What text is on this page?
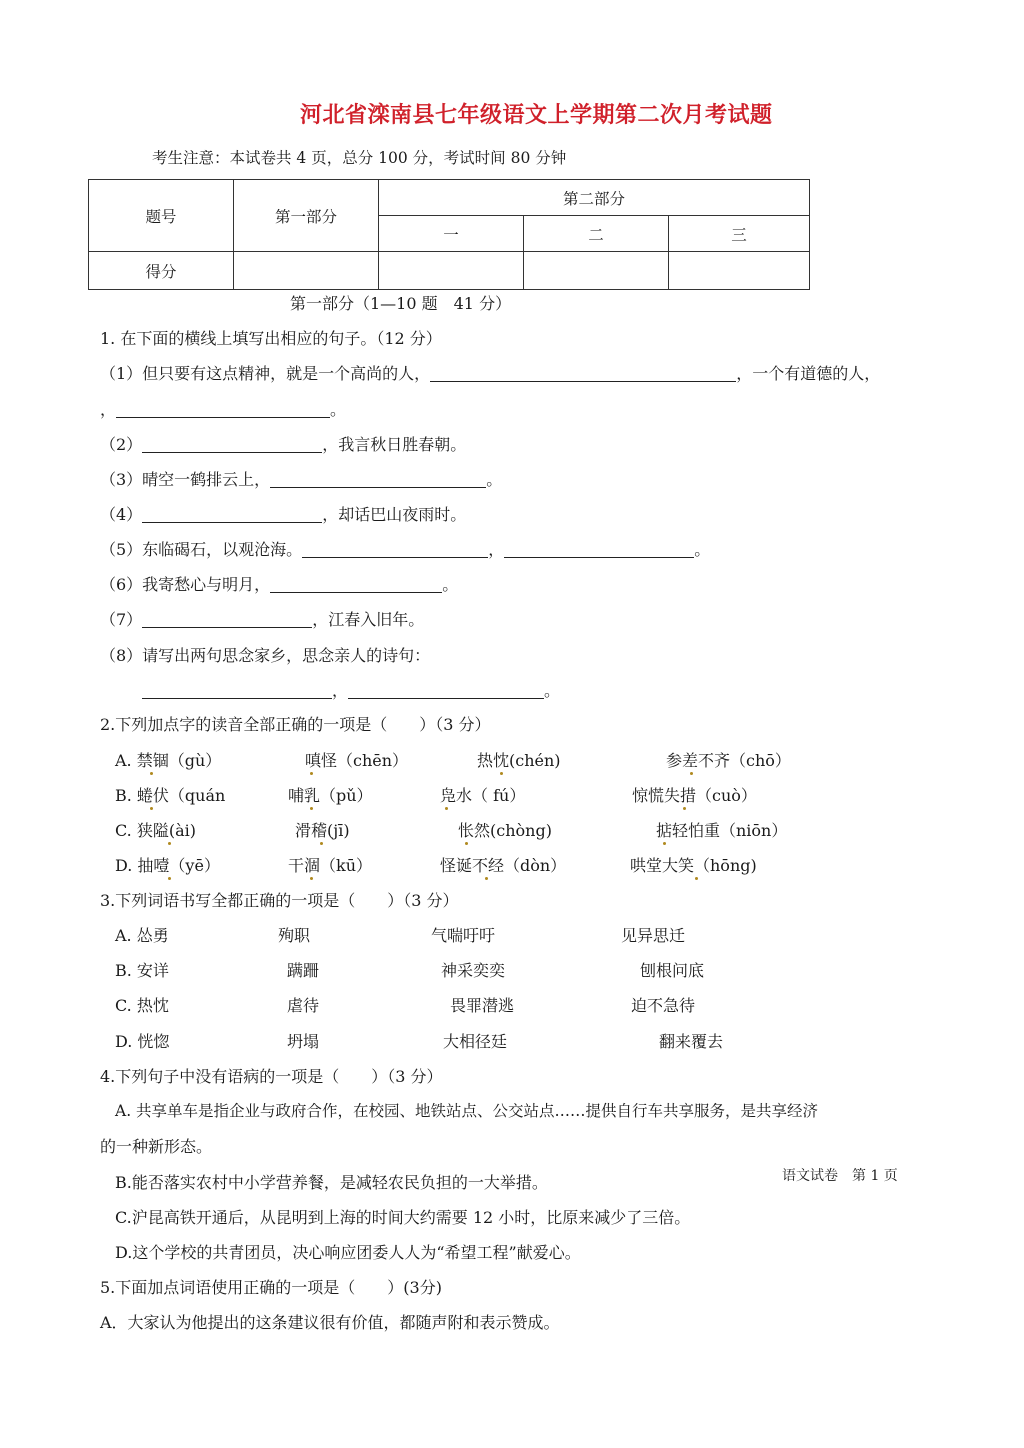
河北省滦南县七年级语文上学期第二次月考试题
考生注意：本试卷共 4 页，总分 100 分，考试时间 80 分钟
题号	第一部分	第二部分		
		一	二	三
得分				
第一部分（1—10 题　41 分）
1. 在下面的横线上填写出相应的句子。（12 分）
（1）但只要有这点精神，就是一个高尚的人，	，一个有道德的人，
，	。
（2）	，我言秋日胜春朝。
（3）晴空一鹤排云上，	。
（4）	，却话巴山夜雨时。
（5）东临碣石，以观沧海。	，	。
（6）我寄愁心与明月，	。
（7）	，江春入旧年。
（8）请写出两句思念家乡，思念亲人的诗句：
，	。
2.下列加点字的读音全部正确的一项是（　　）（3 分）
A. 禁锢（gù）	嗔怪（chēn）	热忱(chén)	参差不齐（chō）
B. 蜷伏（quán	哺乳（pǔ）	凫水（ fú）	惊慌失措（cuò）
C. 狭隘(ài)	滑稽(jī)	怅然(chòng)	掂轻怕重（niōn）
D. 抽噎（yē）	干涸（kū）	怪诞不经（dòn）	哄堂大笑（hōng)
3.下列词语书写全都正确的一项是（　　）（3 分）
A. 怂勇	殉职	气喘吁吁	见异思迁
B. 安详	蹒跚	神采奕奕	刨根问底
C. 热忱	虐待	畏罪潜逃	迫不急待
D. 恍惚	坍塌	大相径廷	翻来覆去
4.下列句子中没有语病的一项是（　　）（3 分）
A. 共享单车是指企业与政府合作，在校园、地铁站点、公交站点……提供自行车共享服务，是共享经济
的一种新形态。
B.能否落实农村中小学营养餐，是减轻农民负担的一大举措。	语文试卷　第 1 页
C.沪昆高铁开通后，从昆明到上海的时间大约需要 12 小时，比原来减少了三倍。
D.这个学校的共青团员，决心响应团委人人为“希望工程”献爱心。
5.下面加点词语使用正确的一项是（　　）(3分)
A．大家认为他提出的这条建议很有价值，都随声附和表示赞成。
